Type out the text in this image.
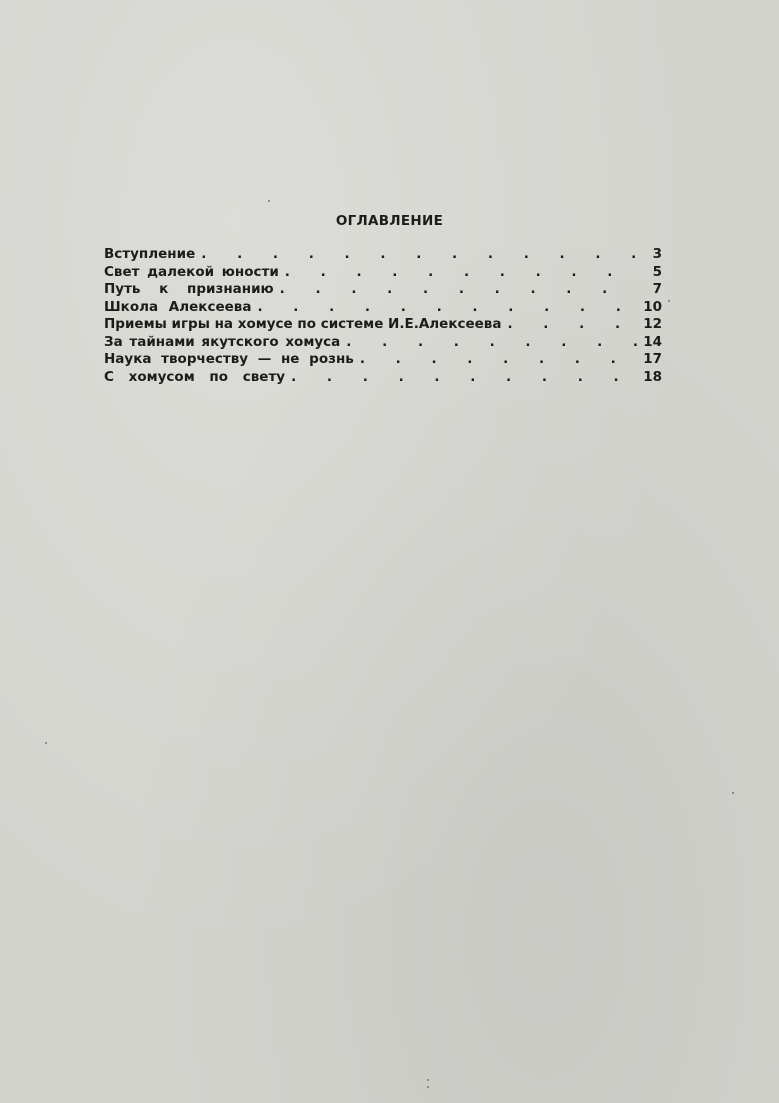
ОГЛАВЛЕНИЕ
Вступление . . .	3
Свет далекой юности . . .	5
Путь к признанию . . .	7
Школа Алексеева . . .	10
Приемы игры на хомусе по системе И.Е.Алексеева . . .	12
За тайнами якутского хомуса . . .	14
Наука творчеству — не рознь . . .	17
С хомусом по свету . . .	18
